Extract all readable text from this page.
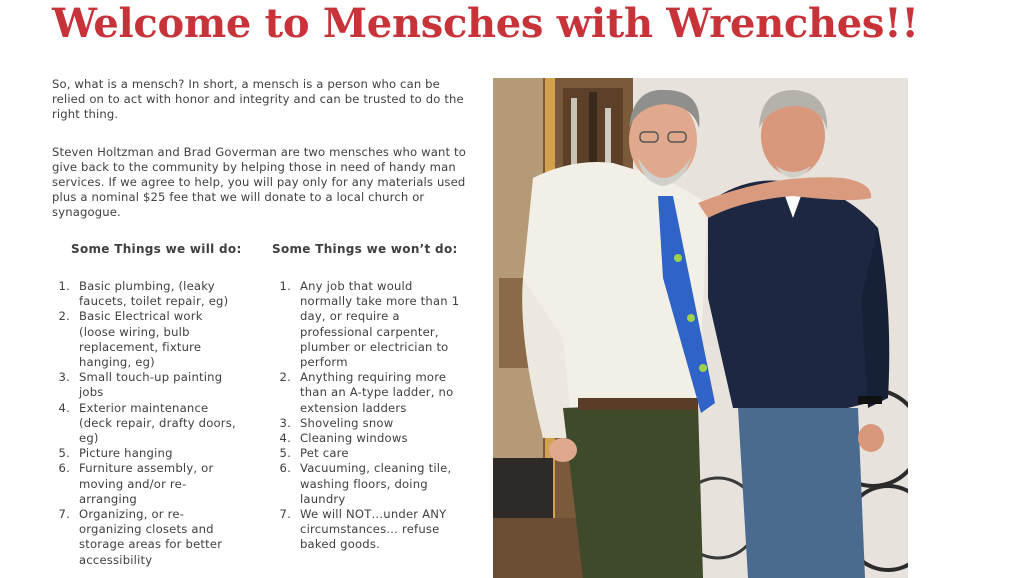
Welcome to Mensches with Wrenches!!

So, what is a mensch? In short, a mensch is a person who can be relied on to act with honor and integrity and can be trusted to do the right thing.

Steven Holtzman and Brad Goverman are two mensches who want to give back to the community by helping those in need of handy man services. If we agree to help, you will pay only for any materials used plus a nominal $25 fee that we will donate to a local church or synagogue.

Some Things we will do:	Some Things we won’t do:
1. Basic plumbing, (leaky
faucets, toilet repair, eg)
2. Basic Electrical work
(loose wiring, bulb
replacement, fixture
hanging, eg)
3. Small touch-up painting
jobs
4. Exterior maintenance
(deck repair, drafty doors,
eg)
5. Picture hanging
6. Furniture assembly, or
moving and/or re-
arranging
7. Organizing, or re-
organizing closets and
storage areas for better
accessibility
1. Any job that would
normally take more than 1
day, or require a
professional carpenter,
plumber or electrician to
perform
2. Anything requiring more
than an A-type ladder, no
extension ladders
3. Shoveling snow
4. Cleaning windows
5. Pet care
6. Vacuuming, cleaning tile,
washing floors, doing
laundry
7. We will NOT…under ANY
circumstances… refuse
baked goods.
